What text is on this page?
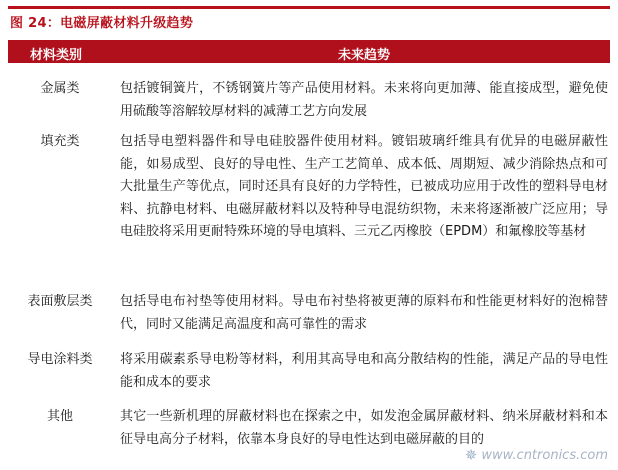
图 24：电磁屏蔽材料升级趋势
材料类别	未来趋势
金属类	包括镀铜簧片，不锈钢簧片等产品使用材料。未来将向更加薄、能直接成型，避免使用硫酸等溶解较厚材料的减薄工艺方向发展
填充类	包括导电塑料器件和导电硅胶器件使用材料。镀铝玻璃纤维具有优异的电磁屏蔽性能，如易成型、良好的导电性、生产工艺简单、成本低、周期短、减少消除热点和可大批量生产等优点，同时还具有良好的力学特性，已被成功应用于改性的塑料导电材料、抗静电材料、电磁屏蔽材料以及特种导电混纺织物，未来将逐渐被广泛应用；导电硅胶将采用更耐特殊环境的导电填料、三元乙丙橡胶（EPDM）和氟橡胶等基材
表面敷层类	包括导电布衬垫等使用材料。导电布衬垫将被更薄的原料布和性能更材料好的泡棉替代，同时又能满足高温度和高可靠性的需求
导电涂料类	将采用碳素系导电粉等材料，利用其高导电和高分散结构的性能，满足产品的导电性能和成本的要求
其他	其它一些新机理的屏蔽材料也在探索之中，如发泡金属屏蔽材料、纳米屏蔽材料和本征导电高分子材料，依靠本身良好的导电性达到电磁屏蔽的目的
✵ www.cntronics.com
